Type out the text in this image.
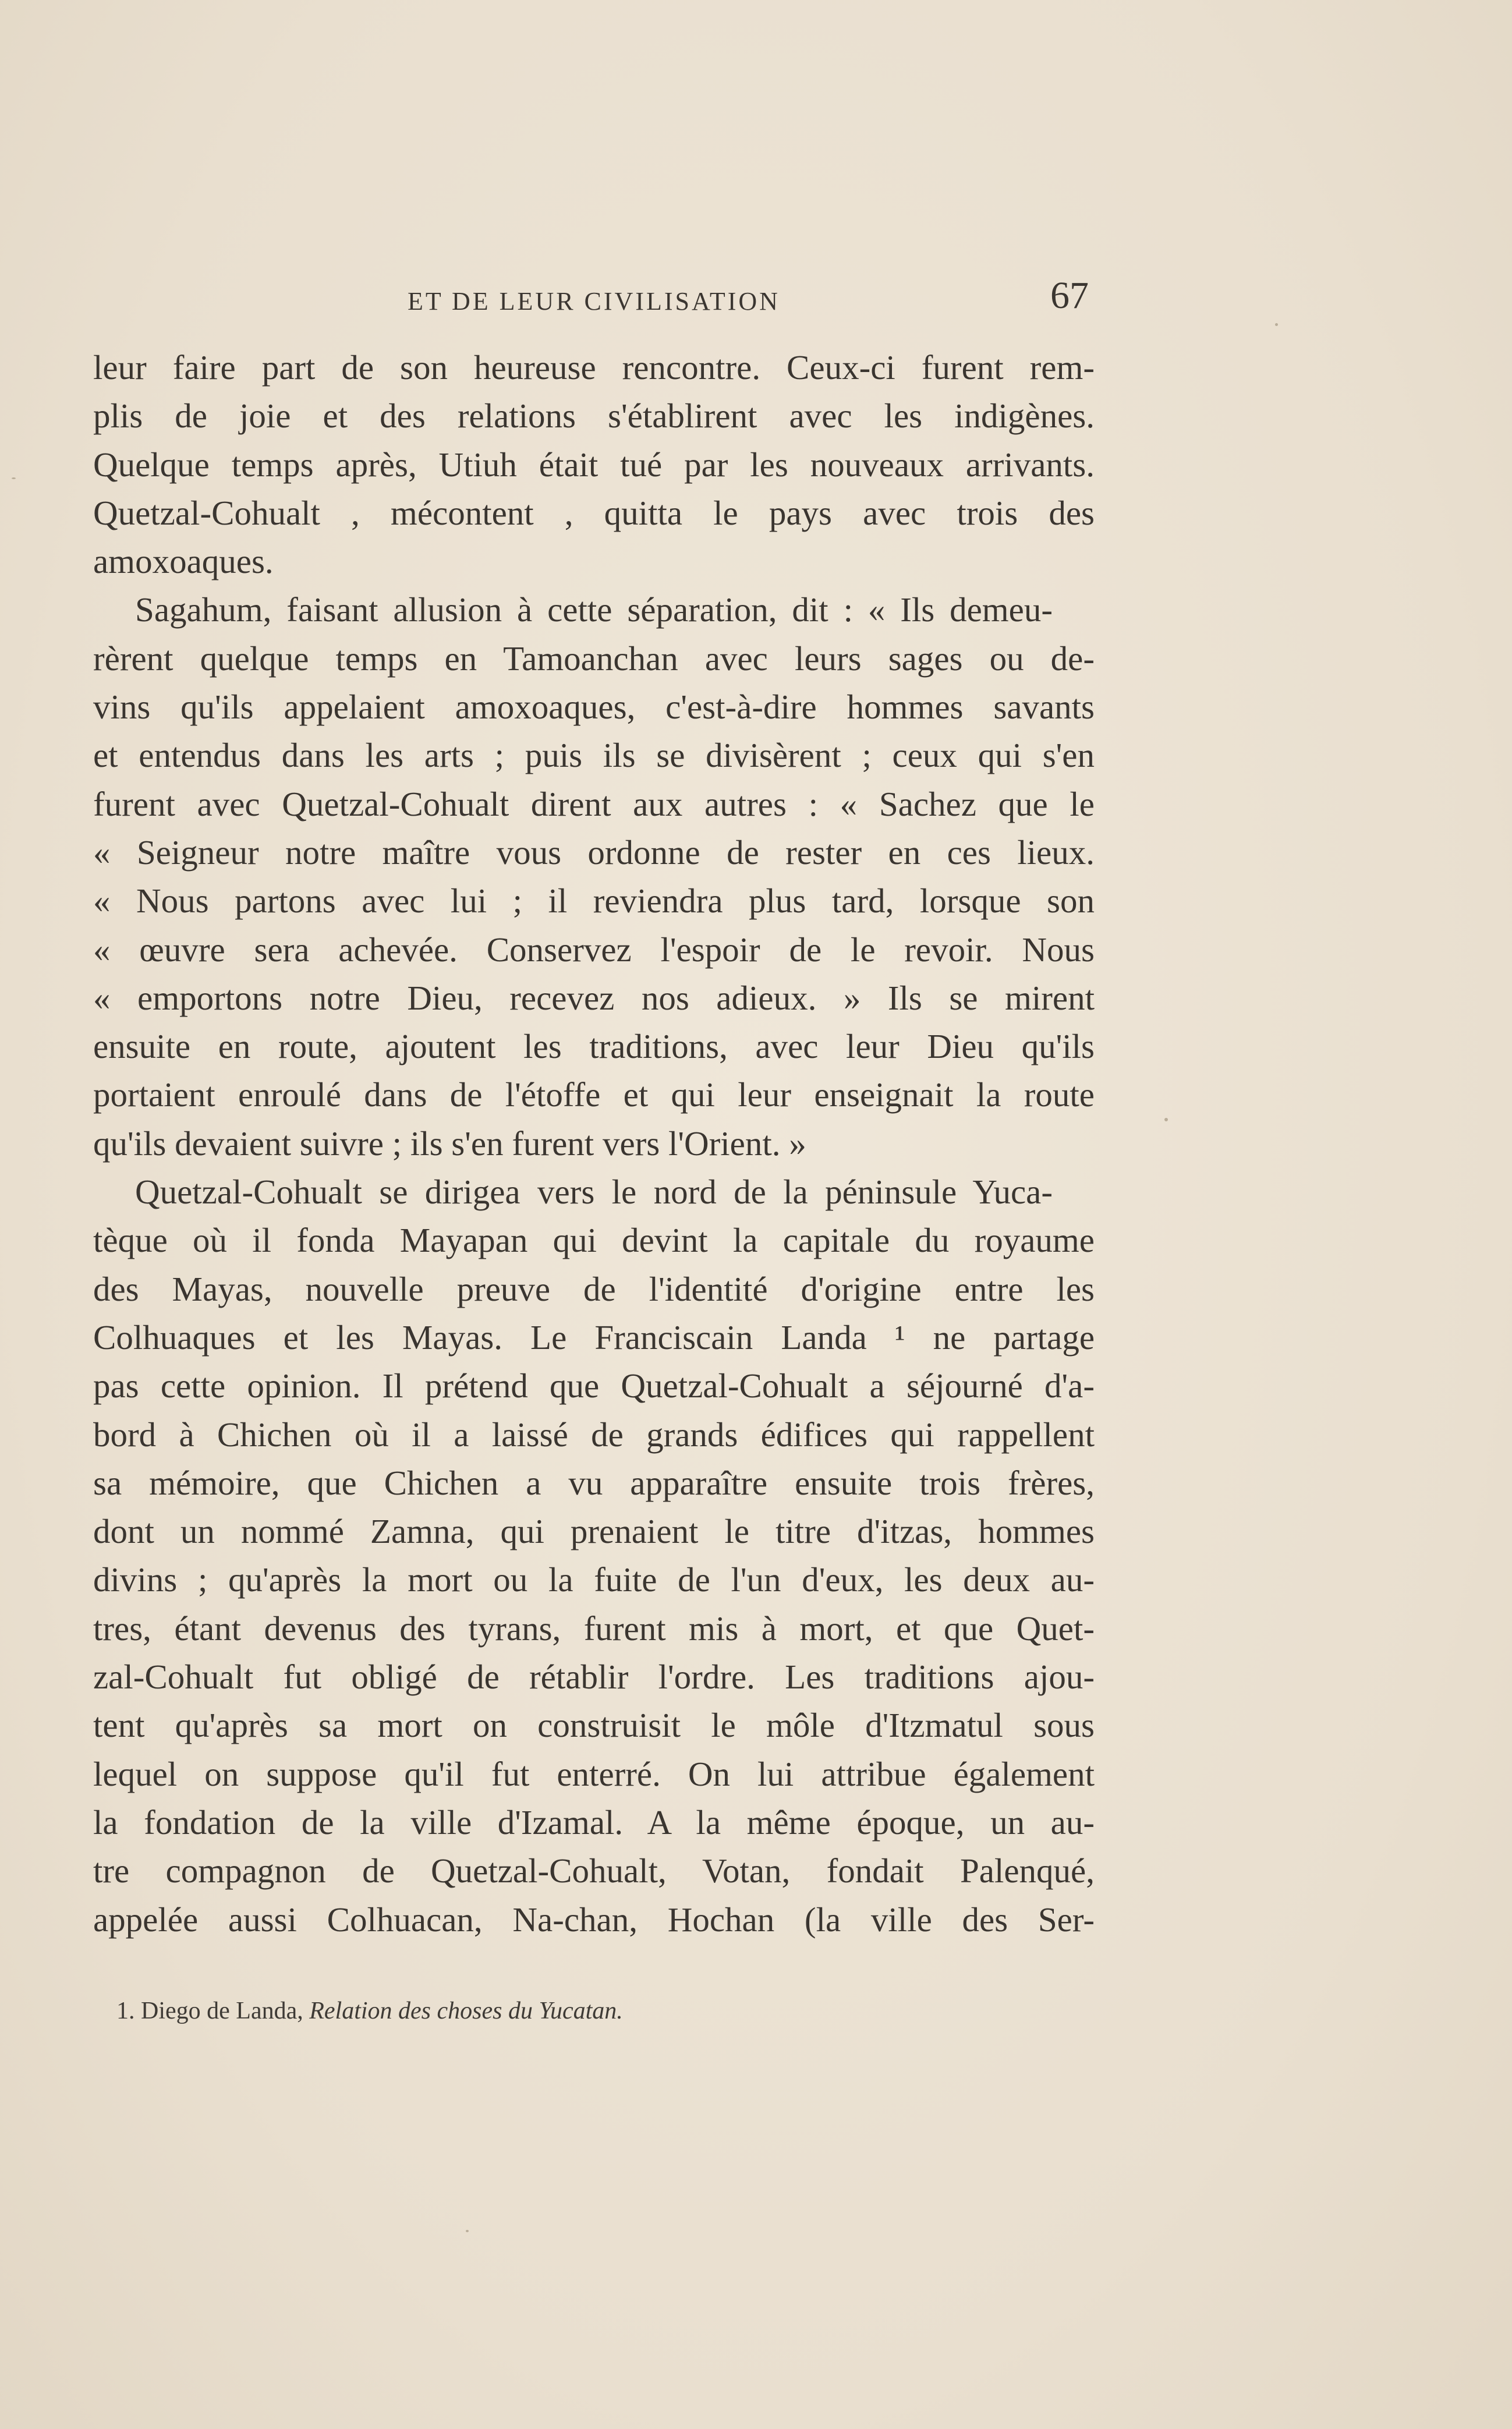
ET DE LEUR CIVILISATION	67
leur faire part de son heureuse rencontre. Ceux-ci furent rem-
plis de joie et des relations s'établirent avec les indigènes.
Quelque temps après, Utiuh était tué par les nouveaux arrivants.
Quetzal-Cohualt , mécontent , quitta le pays avec trois des
amoxoaques.
Sagahum, faisant allusion à cette séparation, dit : « Ils demeu-
rèrent quelque temps en Tamoanchan avec leurs sages ou de-
vins qu'ils appelaient amoxoaques, c'est-à-dire hommes savants
et entendus dans les arts ; puis ils se divisèrent ; ceux qui s'en
furent avec Quetzal-Cohualt dirent aux autres : « Sachez que le
« Seigneur notre maître vous ordonne de rester en ces lieux.
« Nous partons avec lui ; il reviendra plus tard, lorsque son
« œuvre sera achevée. Conservez l'espoir de le revoir. Nous
« emportons notre Dieu, recevez nos adieux. » Ils se mirent
ensuite en route, ajoutent les traditions, avec leur Dieu qu'ils
portaient enroulé dans de l'étoffe et qui leur enseignait la route
qu'ils devaient suivre ; ils s'en furent vers l'Orient. »
Quetzal-Cohualt se dirigea vers le nord de la péninsule Yuca-
tèque où il fonda Mayapan qui devint la capitale du royaume
des Mayas, nouvelle preuve de l'identité d'origine entre les
Colhuaques et les Mayas. Le Franciscain Landa ¹ ne partage
pas cette opinion. Il prétend que Quetzal-Cohualt a séjourné d'a-
bord à Chichen où il a laissé de grands édifices qui rappellent
sa mémoire, que Chichen a vu apparaître ensuite trois frères,
dont un nommé Zamna, qui prenaient le titre d'itzas, hommes
divins ; qu'après la mort ou la fuite de l'un d'eux, les deux au-
tres, étant devenus des tyrans, furent mis à mort, et que Quet-
zal-Cohualt fut obligé de rétablir l'ordre. Les traditions ajou-
tent qu'après sa mort on construisit le môle d'Itzmatul sous
lequel on suppose qu'il fut enterré. On lui attribue également
la fondation de la ville d'Izamal. A la même époque, un au-
tre compagnon de Quetzal-Cohualt, Votan, fondait Palenqué,
appelée aussi Colhuacan, Na-chan, Hochan (la ville des Ser-
1. Diego de Landa, Relation des choses du Yucatan.
